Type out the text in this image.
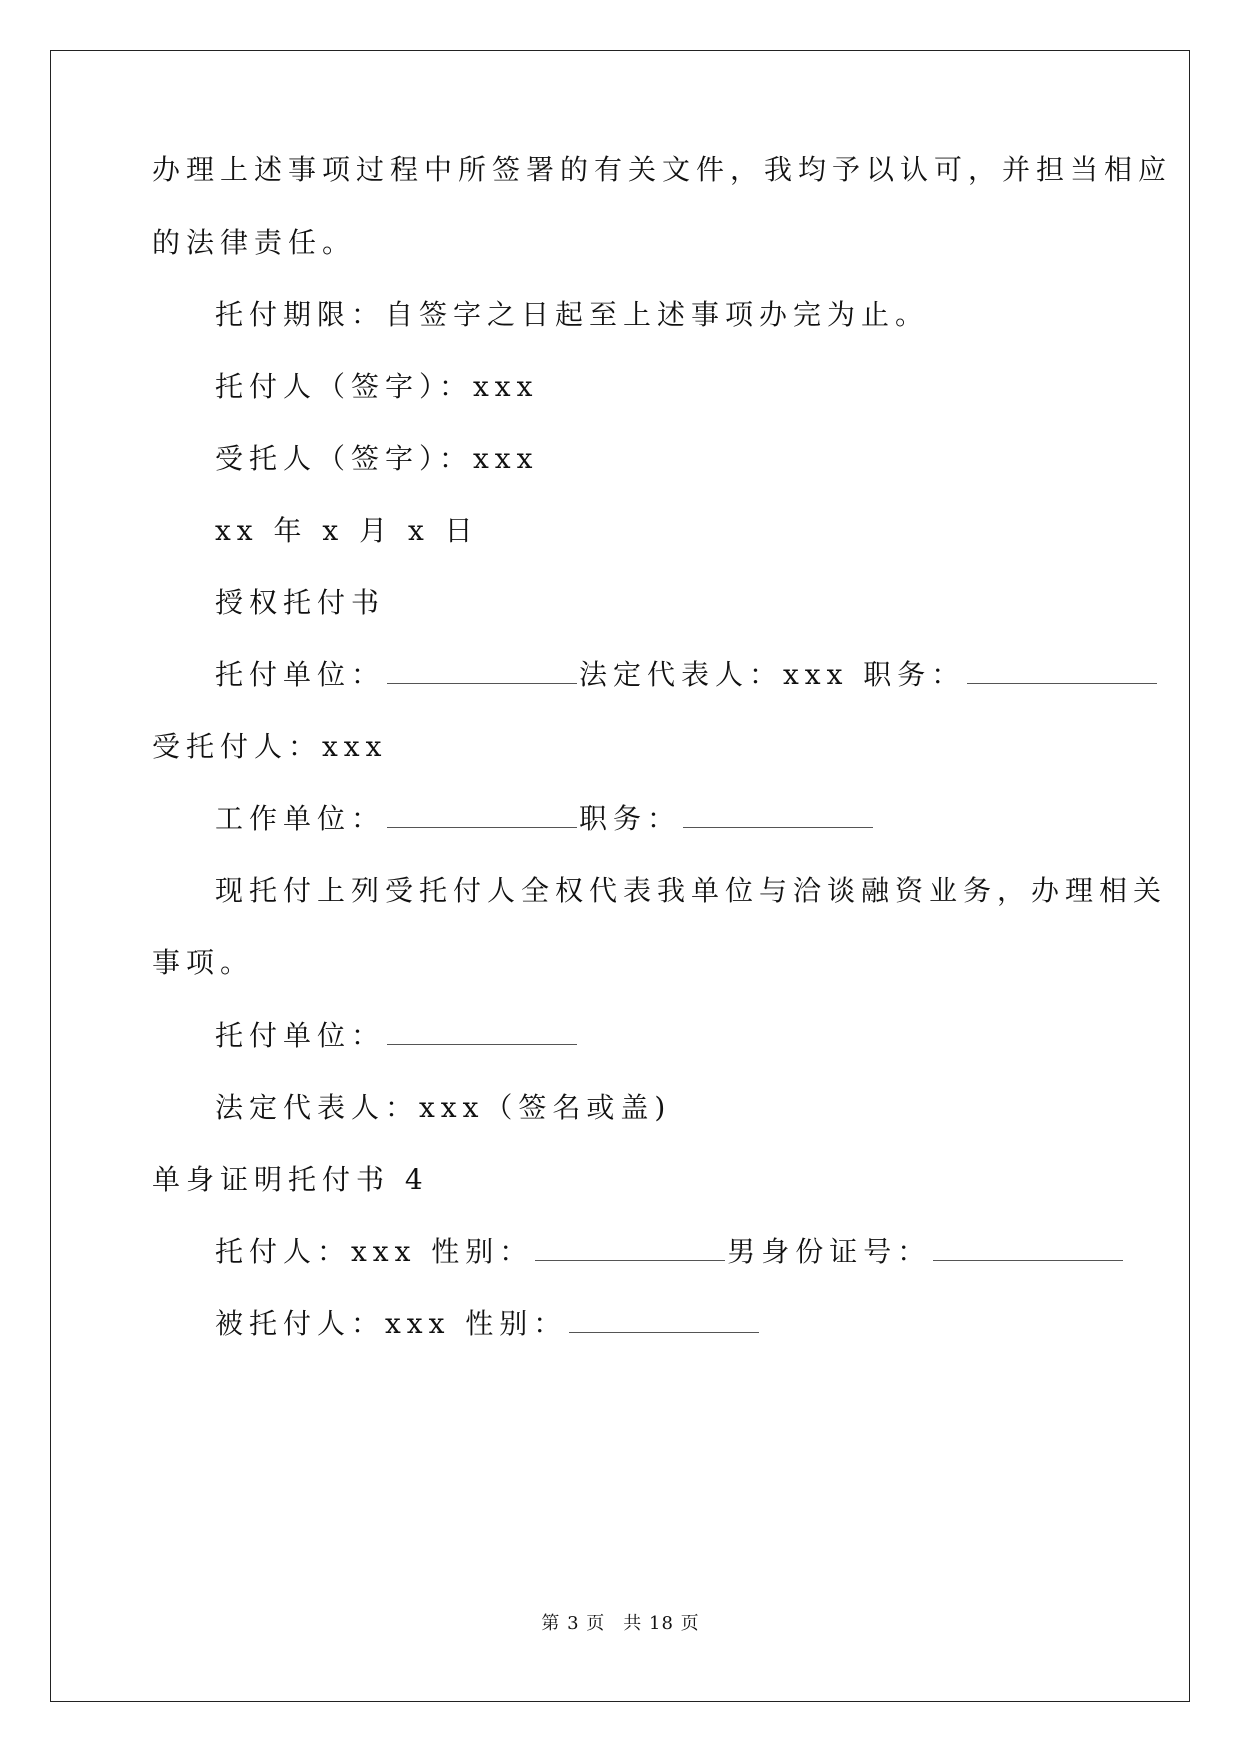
办理上述事项过程中所签署的有关文件，我均予以认可，并担当相应
的法律责任。
托付期限：自签字之日起至上述事项办完为止。
托付人（签字）：xxx
受托人（签字）：xxx
xx 年 x 月 x 日
授权托付书
托付单位：	法定代表人：xxx 职务：
受托付人：xxx
工作单位：	职务：
现托付上列受托付人全权代表我单位与洽谈融资业务，办理相关
事项。
托付单位：
法定代表人：xxx（签名或盖)
单身证明托付书 4
托付人：xxx 性别：	男身份证号：
被托付人：xxx 性别：
第 3 页 共 18 页
